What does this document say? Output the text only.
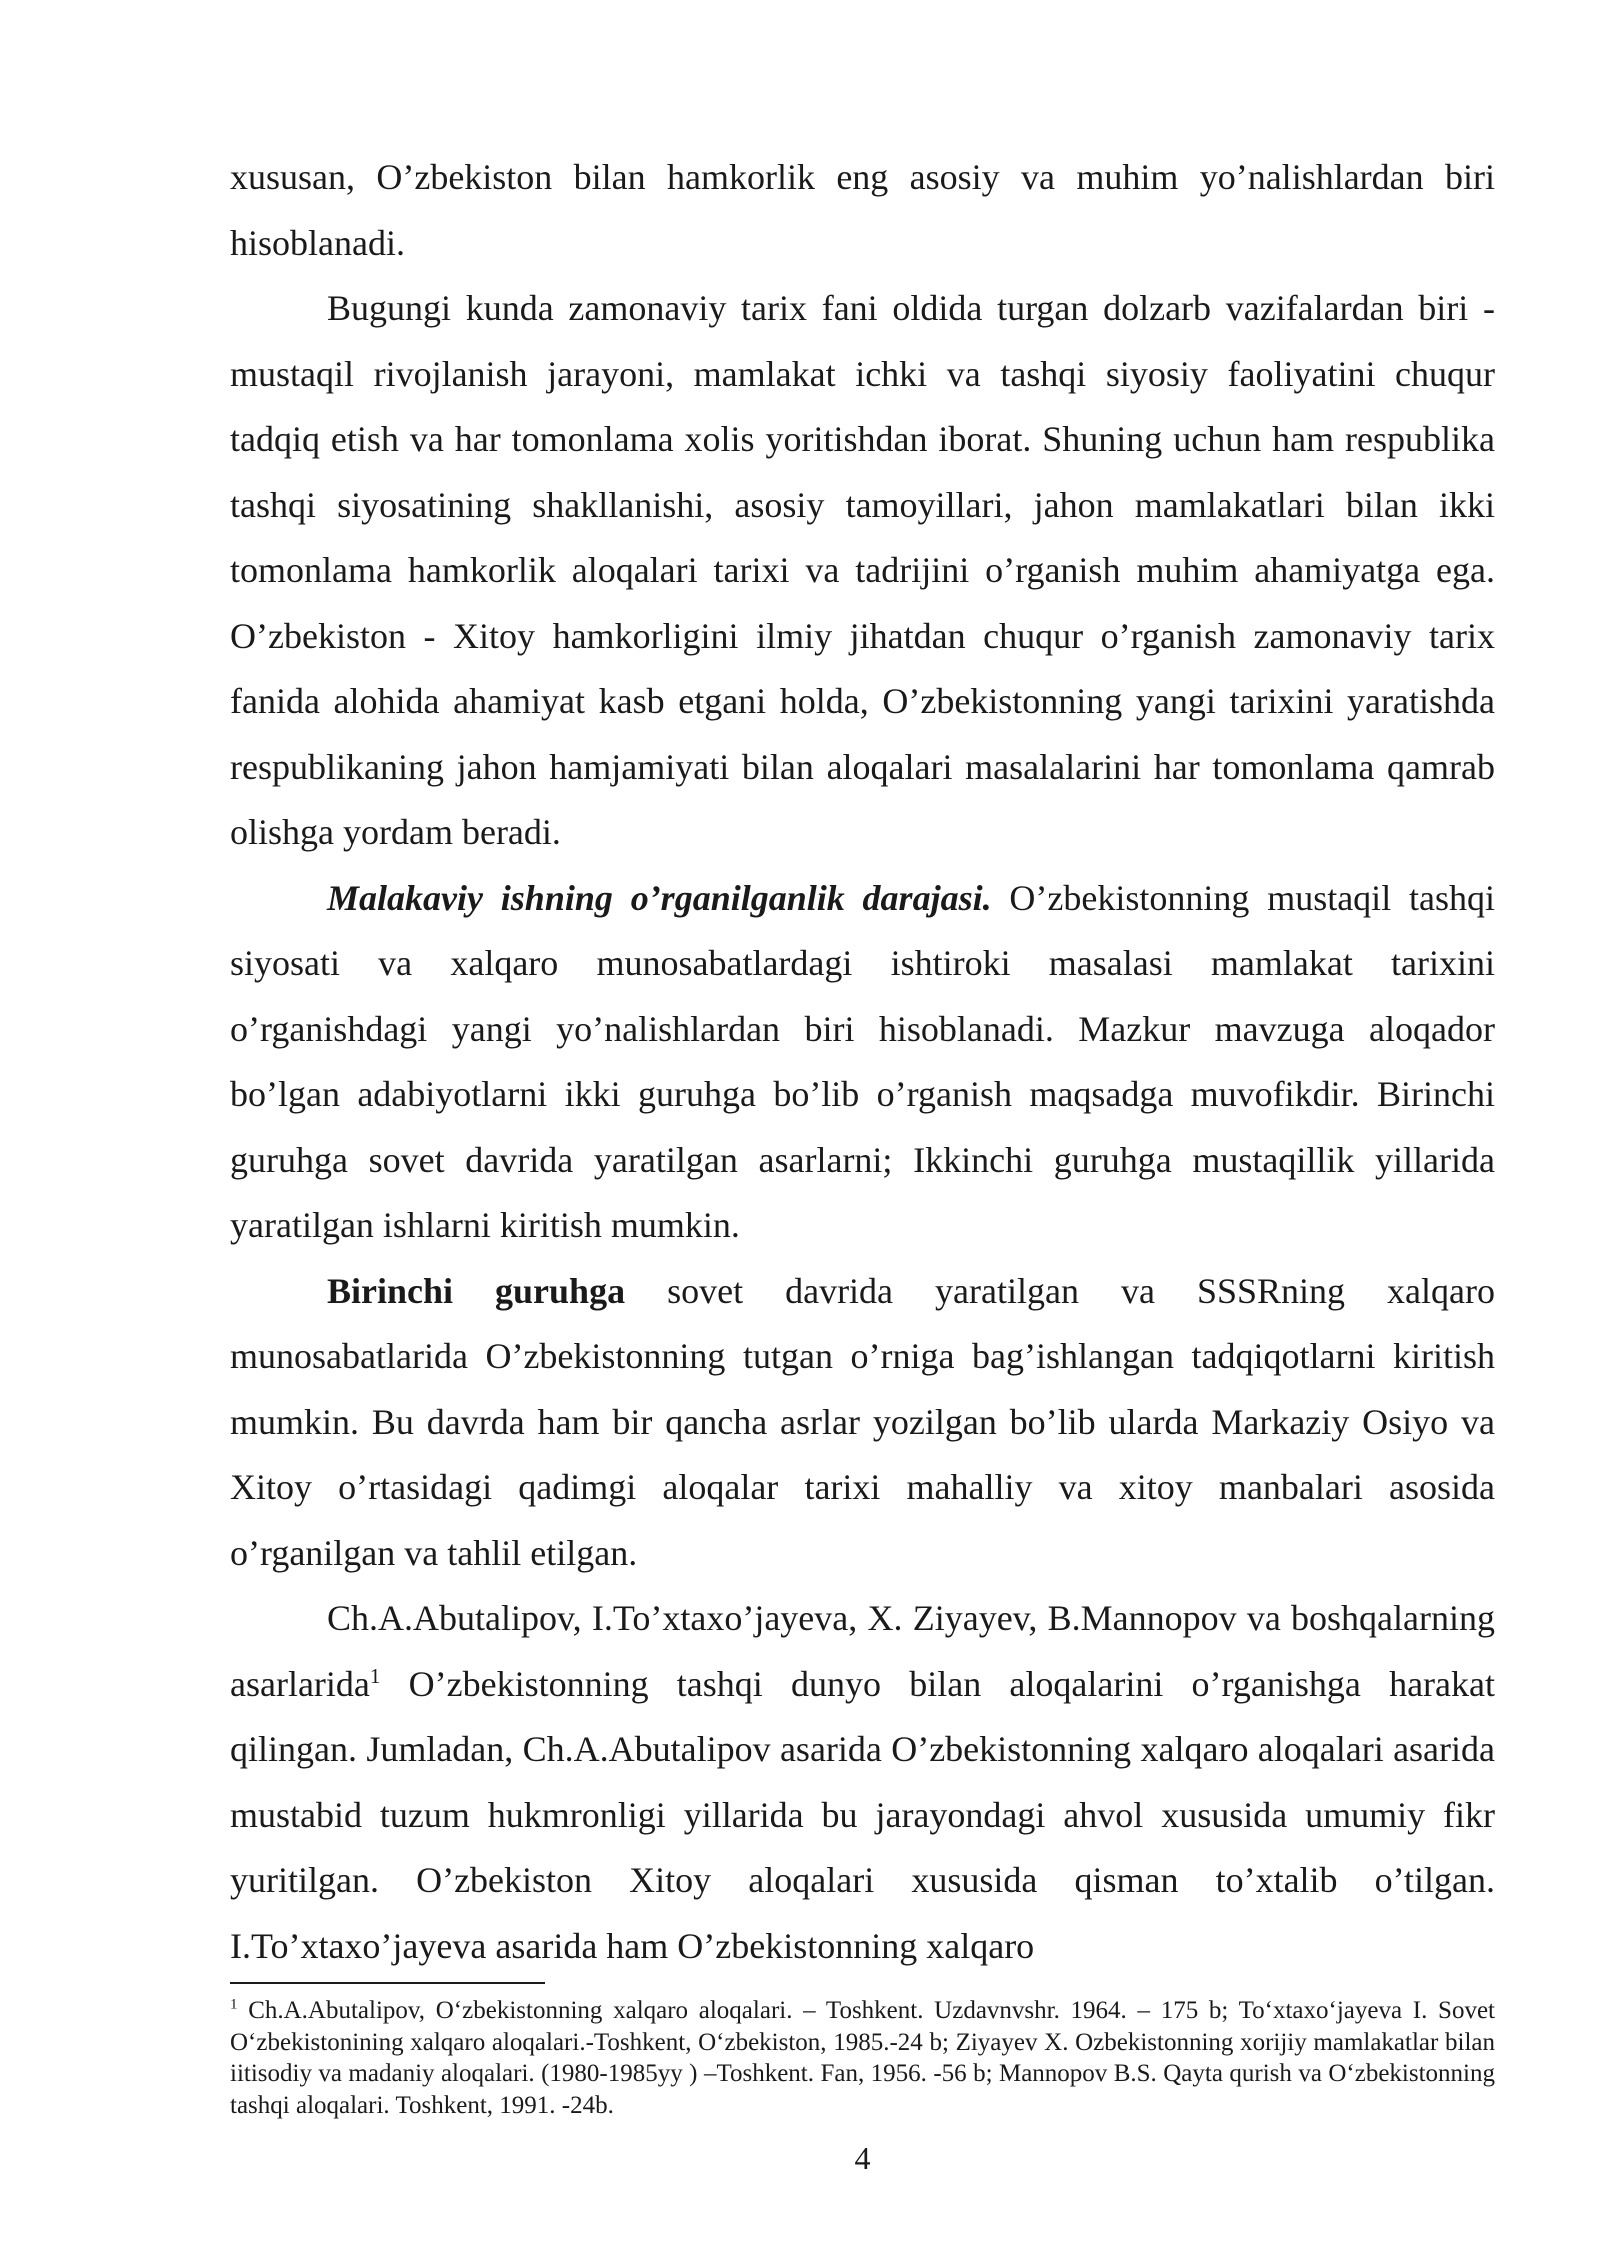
xususan, O’zbekiston bilan hamkorlik eng asosiy va muhim yo’nalishlardan biri hisoblanadi.

Bugungi kunda zamonaviy tarix fani oldida turgan dolzarb vazifalardan biri - mustaqil rivojlanish jarayoni, mamlakat ichki va tashqi siyosiy faoliyatini chuqur tadqiq etish va har tomonlama xolis yoritishdan iborat. Shuning uchun ham respublika tashqi siyosatining shakllanishi, asosiy tamoyillari, jahon mamlakatlari bilan ikki tomonlama hamkorlik aloqalari tarixi va tadrijini o’rganish muhim ahamiyatga ega. O’zbekiston - Xitoy hamkorligini ilmiy jihatdan chuqur o’rganish zamonaviy tarix fanida alohida ahamiyat kasb etgani holda, O’zbekistonning yangi tarixini yaratishda respublikaning jahon hamjamiyati bilan aloqalari masalalarini har tomonlama qamrab olishga yordam beradi.

Malakaviy ishning o’rganilganlik darajasi. O’zbekistonning mustaqil tashqi siyosati va xalqaro munosabatlardagi ishtiroki masalasi mamlakat tarixini o’rganishdagi yangi yo’nalishlardan biri hisoblanadi. Mazkur mavzuga aloqador bo’lgan adabiyotlarni ikki guruhga bo’lib o’rganish maqsadga muvofikdir. Birinchi guruhga sovet davrida yaratilgan asarlarni; Ikkinchi guruhga mustaqillik yillarida yaratilgan ishlarni kiritish mumkin.

Birinchi guruhga sovet davrida yaratilgan va SSSRning xalqaro munosabatlarida O’zbekistonning tutgan o’rniga bag’ishlangan tadqiqotlarni kiritish mumkin. Bu davrda ham bir qancha asrlar yozilgan bo’lib ularda Markaziy Osiyo va Xitoy o’rtasidagi qadimgi aloqalar tarixi mahalliy va xitoy manbalari asosida o’rganilgan va tahlil etilgan.

Ch.A.Abutalipov, I.To’xtaxo’jayeva, X. Ziyayev, B.Mannopov va boshqalarning asarlarida$^1$ O’zbekistonning tashqi dunyo bilan aloqalarini o’rganishga harakat qilingan. Jumladan, Ch.A.Abutalipov asarida O’zbekistonning xalqaro aloqalari asarida mustabid tuzum hukmronligi yillarida bu jarayondagi ahvol xususida umumiy fikr yuritilgan. O’zbekiston Xitoy aloqalari xususida qisman to’xtalib o’tilgan. I.To’xtaxo’jayeva asarida ham O’zbekistonning xalqaro

$^1$ Ch.A.Abutalipov, O‘zbekistonning xalqaro aloqalari. – Toshkent. Uzdavnvshr. 1964. – 175 b; To‘xtaxo‘jayeva I. Sovet O‘zbekistonining xalqaro aloqalari.-Toshkent, O‘zbekiston, 1985.-24 b; Ziyayev X. Ozbekistonning xorijiy mamlakatlar bilan iitisodiy va madaniy aloqalari. (1980-1985yy ) –Toshkent. Fan, 1956. -56 b; Mannopov B.S. Qayta qurish va O‘zbekistonning tashqi aloqalari. Toshkent, 1991. -24b.
4
